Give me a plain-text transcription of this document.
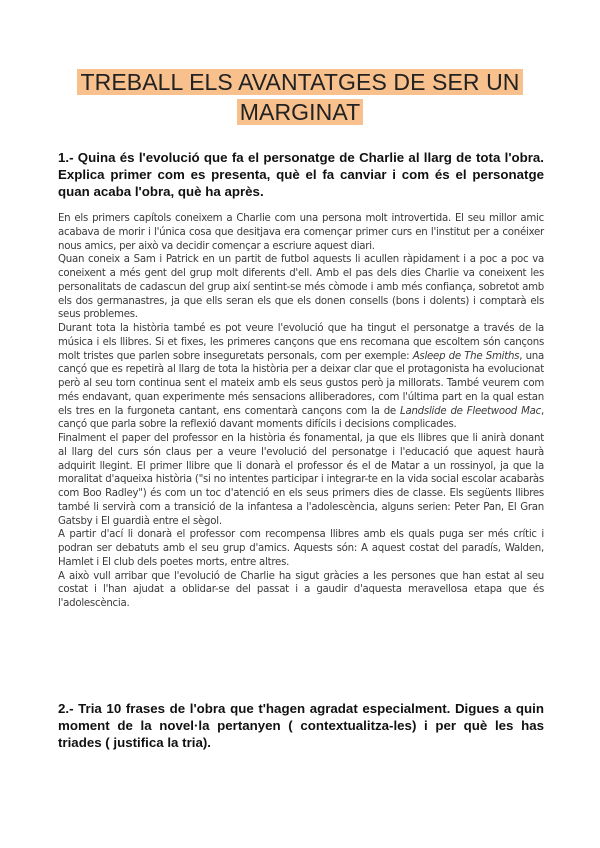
TREBALL ELS AVANTATGES DE SER UN
MARGINAT
1.- Quina és l'evolució que fa el personatge de Charlie al llarg de tota l'obra. Explica primer com es presenta, què el fa canviar i com és el personatge quan acaba l'obra, què ha après.

En els primers capítols coneixem a Charlie com una persona molt introvertida. El seu millor amic acabava de morir i l'única cosa que desitjava era començar primer curs en l'institut per a conéixer nous amics, per això va decidir començar a escriure aquest diari.

Quan coneix a Sam i Patrick en un partit de futbol aquests li acullen ràpidament i a poc a poc va coneixent a més gent del grup molt diferents d'ell. Amb el pas dels dies Charlie va coneixent les personalitats de cadascun del grup així sentint-se més còmode i amb més confiança, sobretot amb els dos germanastres, ja que ells seran els que els donen consells (bons i dolents) i comptarà els seus problemes.

Durant tota la història també es pot veure l'evolució que ha tingut el personatge a través de la música i els llibres. Si et fixes, les primeres cançons que ens recomana que escoltem són cançons molt tristes que parlen sobre inseguretats personals, com per exemple: Asleep de The Smiths, una cançó que es repetirà al llarg de tota la història per a deixar clar que el protagonista ha evolucionat però al seu torn continua sent el mateix amb els seus gustos però ja millorats. També veurem com més endavant, quan experimente més sensacions alliberadores, com l'última part en la qual estan els tres en la furgoneta cantant, ens comentarà cançons com la de Landslide de Fleetwood Mac, cançó que parla sobre la reflexió davant moments difícils i decisions complicades.

Finalment el paper del professor en la història és fonamental, ja que els llibres que li anirà donant al llarg del curs són claus per a veure l'evolució del personatge i l'educació que aquest haurà adquirit llegint. El primer llibre que li donarà el professor és el de Matar a un rossinyol, ja que la moralitat d'aqueixa història ("si no intentes participar i integrar-te en la vida social escolar acabaràs com Boo Radley") és com un toc d'atenció en els seus primers dies de classe. Els següents llibres també li servirà com a transició de la infantesa a l'adolescència, alguns serien: Peter Pan, El Gran Gatsby i El guardià entre el sègol.

A partir d'ací li donarà el professor com recompensa llibres amb els quals puga ser més crític i podran ser debatuts amb el seu grup d'amics. Aquests són: A aquest costat del paradís, Walden, Hamlet i El club dels poetes morts, entre altres.

A això vull arribar que l'evolució de Charlie ha sigut gràcies a les persones que han estat al seu costat i l'han ajudat a oblidar-se del passat i a gaudir d'aquesta meravellosa etapa que és l'adolescència.

2.- Tria 10 frases de l'obra que t'hagen agradat especialment. Digues a quin moment de la novel·la pertanyen ( contextualitza-les) i per què les has triades ( justifica la tria).
